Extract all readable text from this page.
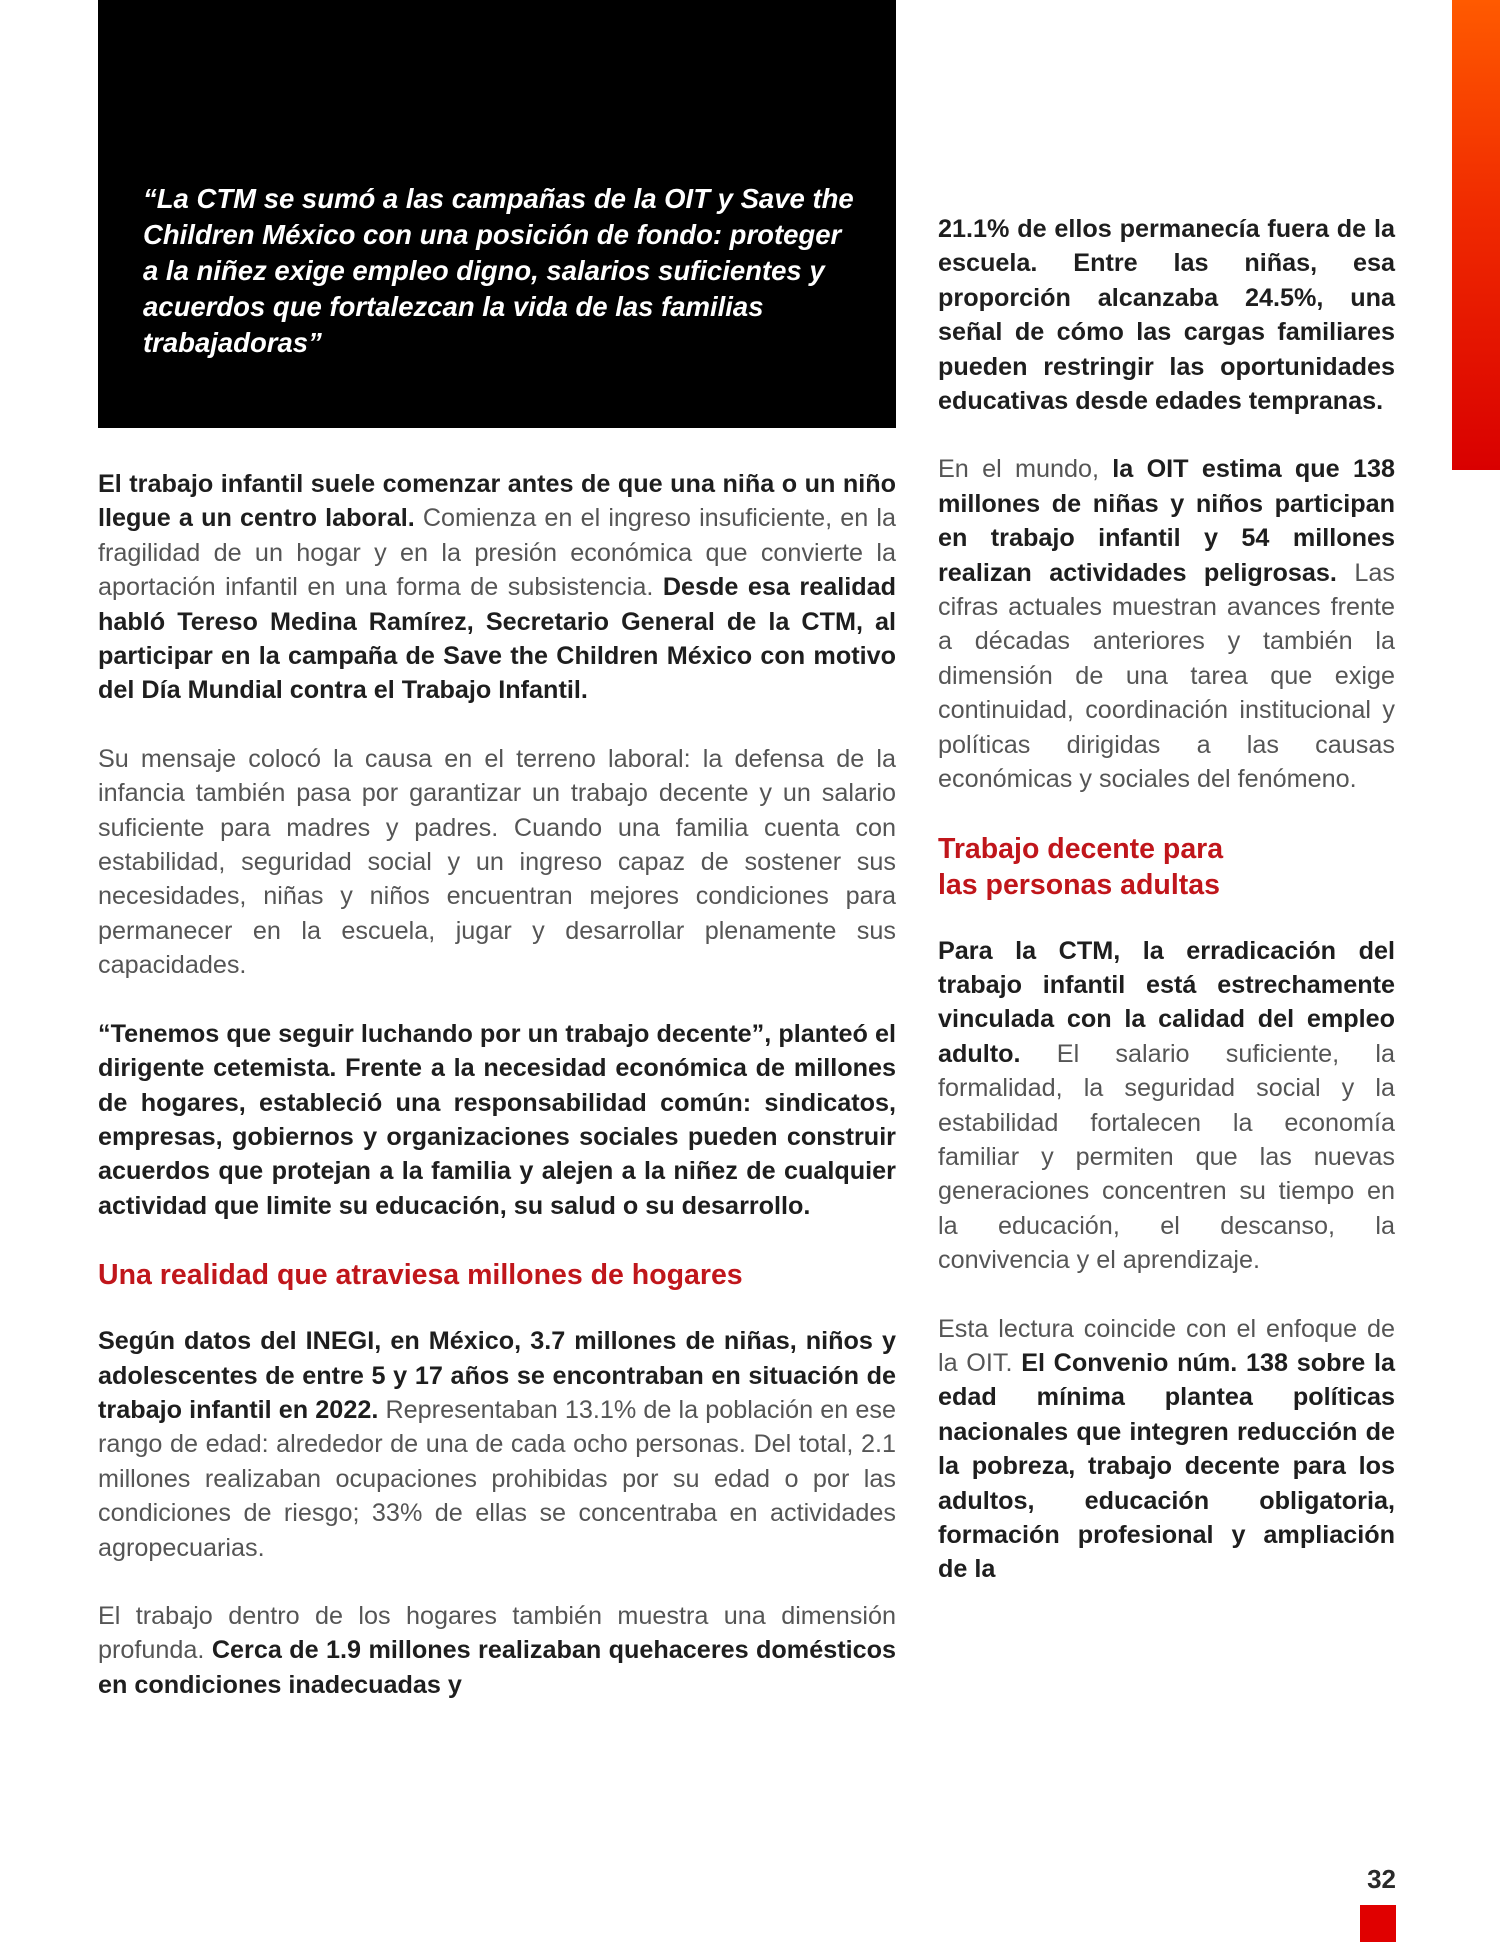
“La CTM se sumó a las campañas de la OIT y Save the Children México con una posición de fondo: proteger a la niñez exige empleo digno, salarios suficientes y acuerdos que fortalezcan la vida de las familias trabajadoras”

El trabajo infantil suele comenzar antes de que una niña o un niño llegue a un centro laboral. Comienza en el ingreso insuficiente, en la fragilidad de un hogar y en la presión económica que convierte la aportación infantil en una forma de subsistencia. Desde esa realidad habló Tereso Medina Ramírez, Secretario General de la CTM, al participar en la campaña de Save the Children México con motivo del Día Mundial contra el Trabajo Infantil.

Su mensaje colocó la causa en el terreno laboral: la defensa de la infancia también pasa por garantizar un trabajo decente y un salario suficiente para madres y padres. Cuando una familia cuenta con estabilidad, seguridad social y un ingreso capaz de sostener sus necesidades, niñas y niños encuentran mejores condiciones para permanecer en la escuela, jugar y desarrollar plenamente sus capacidades.

“Tenemos que seguir luchando por un trabajo decente”, planteó el dirigente cetemista. Frente a la necesidad económica de millones de hogares, estableció una responsabilidad común: sindicatos, empresas, gobiernos y organizaciones sociales pueden construir acuerdos que protejan a la familia y alejen a la niñez de cualquier actividad que limite su educación, su salud o su desarrollo.

Una realidad que atraviesa millones de hogares

Según datos del INEGI, en México, 3.7 millones de niñas, niños y adolescentes de entre 5 y 17 años se encontraban en situación de trabajo infantil en 2022. Representaban 13.1% de la población en ese rango de edad: alrededor de una de cada ocho personas. Del total, 2.1 millones realizaban ocupaciones prohibidas por su edad o por las condiciones de riesgo; 33% de ellas se concentraba en actividades agropecuarias.

El trabajo dentro de los hogares también muestra una dimensión profunda. Cerca de 1.9 millones realizaban quehaceres domésticos en condiciones inadecuadas y

21.1% de ellos permanecía fuera de la escuela. Entre las niñas, esa proporción alcanzaba 24.5%, una señal de cómo las cargas familiares pueden restringir las oportunidades educativas desde edades tempranas.

En el mundo, la OIT estima que 138 millones de niñas y niños participan en trabajo infantil y 54 millones realizan actividades peligrosas. Las cifras actuales muestran avances frente a décadas anteriores y también la dimensión de una tarea que exige continuidad, coordinación institucional y políticas dirigidas a las causas económicas y sociales del fenómeno.

Trabajo decente para
las personas adultas

Para la CTM, la erradicación del trabajo infantil está estrechamente vinculada con la calidad del empleo adulto. El salario suficiente, la formalidad, la seguridad social y la estabilidad fortalecen la economía familiar y permiten que las nuevas generaciones concentren su tiempo en la educación, el descanso, la convivencia y el aprendizaje.

Esta lectura coincide con el enfoque de la OIT. El Convenio núm. 138 sobre la edad mínima plantea políticas nacionales que integren reducción de la pobreza, trabajo decente para los adultos, educación obligatoria, formación profesional y ampliación de la

32
